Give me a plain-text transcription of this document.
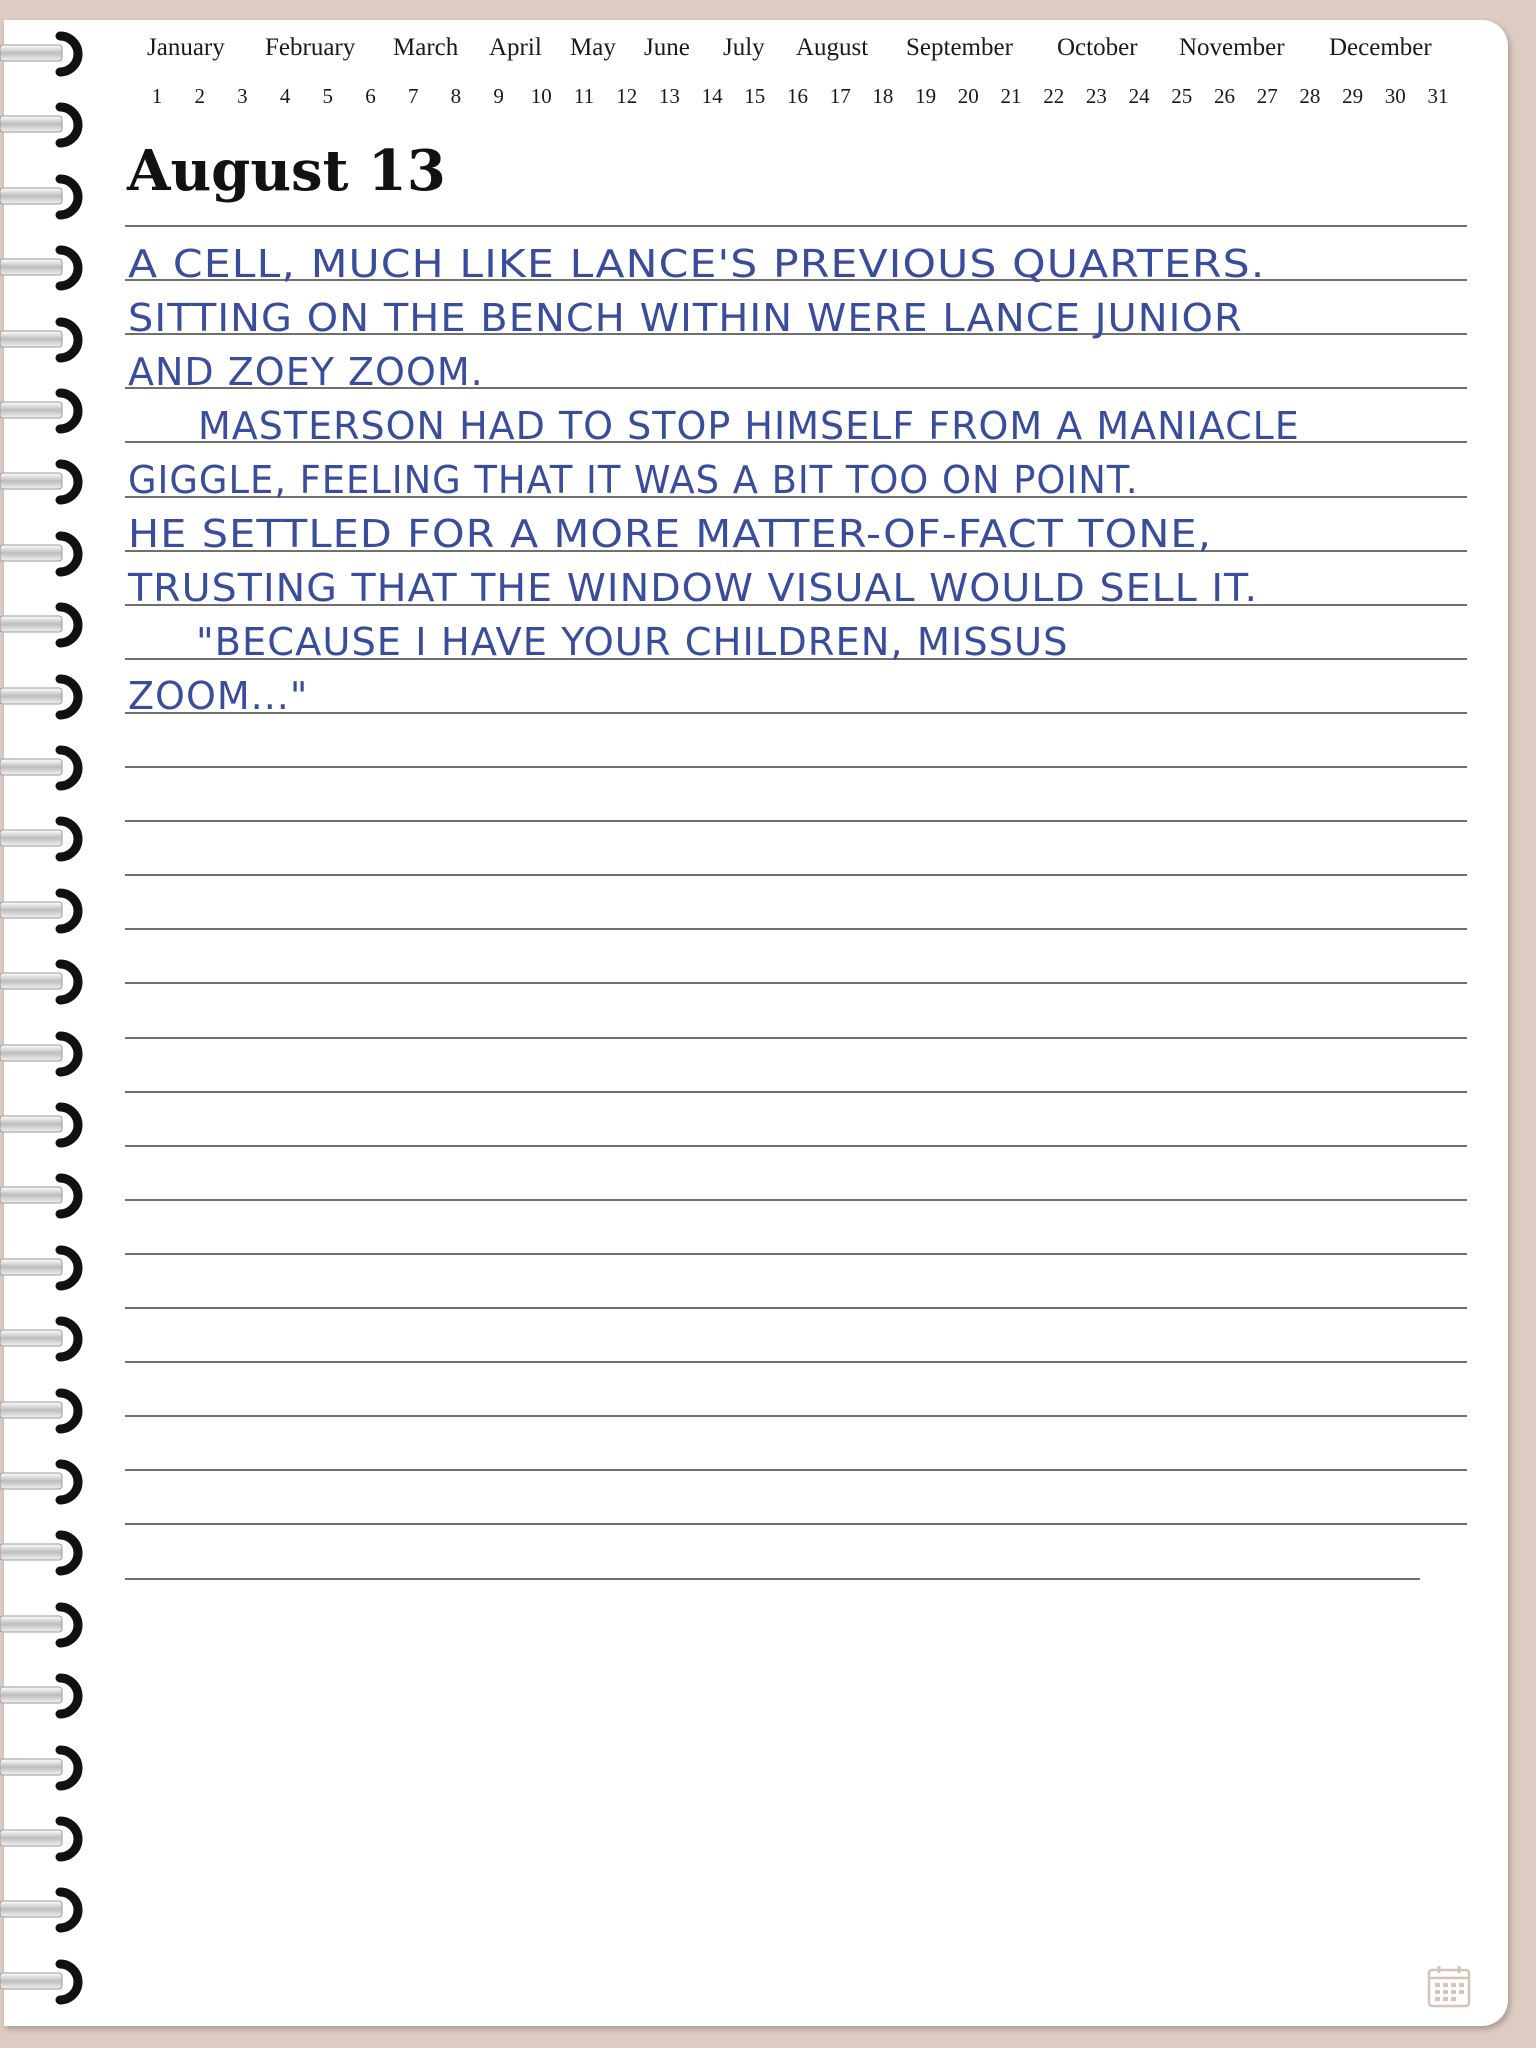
January February March April May June July August September October November December
1	2	3	4	5	6	7	8	9	10	11	12	13	14	15	16	17	18	19	20	21	22	23	24	25	26	27	28	29	30	31
August 13
A CELL, MUCH LIKE LANCE'S PREVIOUS QUARTERS.
SITTING ON THE BENCH WITHIN WERE LANCE JUNIOR
AND ZOEY ZOOM.
MASTERSON HAD TO STOP HIMSELF FROM A MANIACLE
GIGGLE, FEELING THAT IT WAS A BIT TOO ON POINT.
HE SETTLED FOR A MORE MATTER-OF-FACT TONE,
TRUSTING THAT THE WINDOW VISUAL WOULD SELL IT.
"BECAUSE I HAVE YOUR CHILDREN, MISSUS
ZOOM..."
